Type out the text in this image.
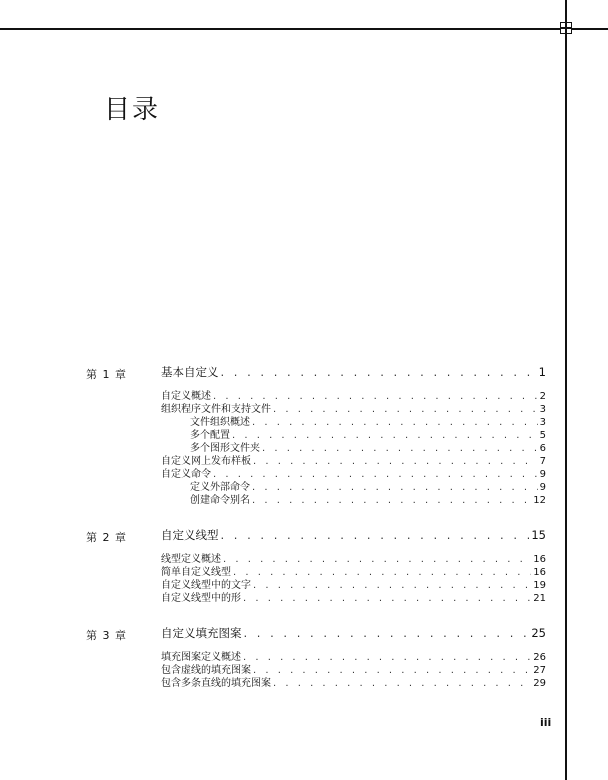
目录
第 1 章	基本自定义 . . .	1
自定义概述 . . .	2
组织程序文件和支持文件 . . .	3
文件组织概述 . . .	3
多个配置 . . .	5
多个图形文件夹 . . .	6
自定义网上发布样板 . . .	7
自定义命令 . . .	9
定义外部命令 . . .	9
创建命令别名 . . .	12
第 2 章	自定义线型 . . .	15
线型定义概述 . . .	16
简单自定义线型 . . .	16
自定义线型中的文字 . . .	19
自定义线型中的形 . . .	21
第 3 章	自定义填充图案 . . .	25
填充图案定义概述 . . .	26
包含虚线的填充图案 . . .	27
包含多条直线的填充图案 . . .	29
iii
